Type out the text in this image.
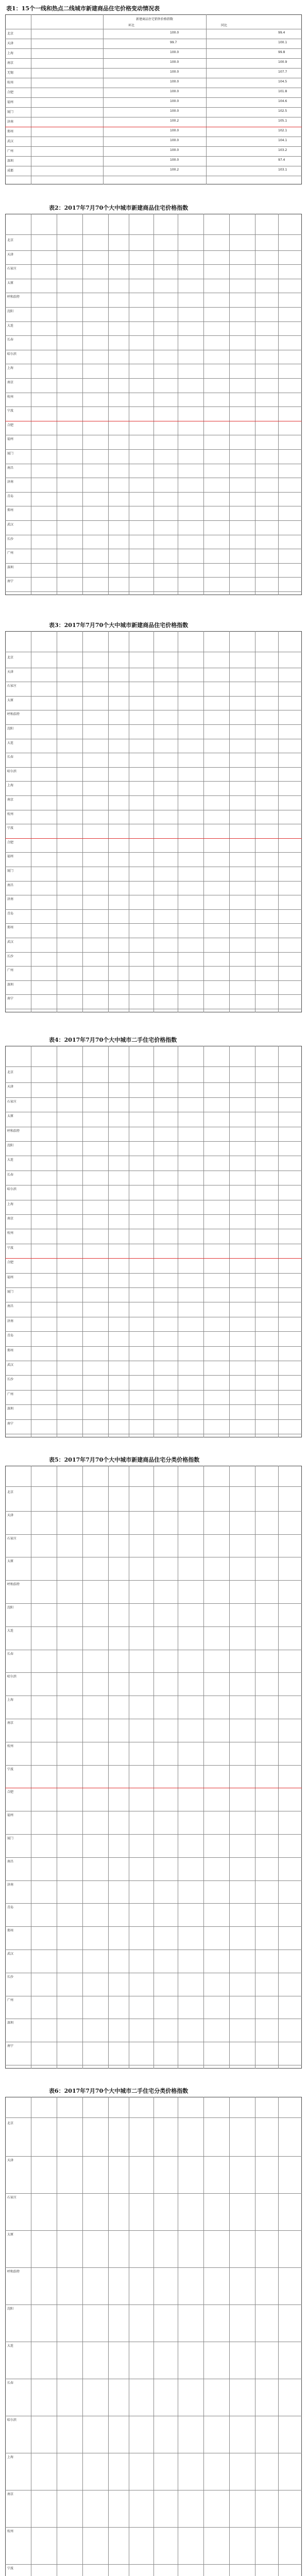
表1：15个一线和热点二线城市新建商品住宅价格变动情况表
新建商品住宅销售价格指数
环比	同比
北京	100.0	99.4
天津	99.7	100.1
上海	100.0	99.8
南京	100.0	100.9
无锡	100.0	107.7
杭州	100.0	104.5
合肥	100.0	101.8
福州	100.0	104.6
厦门	100.0	102.5
济南	100.2	105.1
郑州	100.0	102.1
武汉	100.0	104.1
广州	100.0	103.2
深圳	100.0	97.4
成都	100.2	103.1
表2：2017年7月70个大中城市新建商品住宅价格指数
北京
天津
石家庄
太原
呼和浩特
沈阳
大连
长春
哈尔滨
上海
南京
杭州
宁波
合肥
福州
厦门
南昌
济南
青岛
郑州
武汉
长沙
广州
深圳
南宁
表3：2017年7月70个大中城市新建商品住宅价格指数
北京
天津
石家庄
太原
呼和浩特
沈阳
大连
长春
哈尔滨
上海
南京
杭州
宁波
合肥
福州
厦门
南昌
济南
青岛
郑州
武汉
长沙
广州
深圳
南宁
表4：2017年7月70个大中城市二手住宅价格指数
北京
天津
石家庄
太原
呼和浩特
沈阳
大连
长春
哈尔滨
上海
南京
杭州
宁波
合肥
福州
厦门
南昌
济南
青岛
郑州
武汉
长沙
广州
深圳
南宁
表5：2017年7月70个大中城市新建商品住宅分类价格指数
北京
天津
石家庄
太原
呼和浩特
沈阳
大连
长春
哈尔滨
上海
南京
杭州
宁波
合肥
福州
厦门
南昌
济南
青岛
郑州
武汉
长沙
广州
深圳
南宁
表6：2017年7月70个大中城市二手住宅分类价格指数
北京
天津
石家庄
太原
呼和浩特
沈阳
大连
长春
哈尔滨
上海
南京
杭州
宁波
